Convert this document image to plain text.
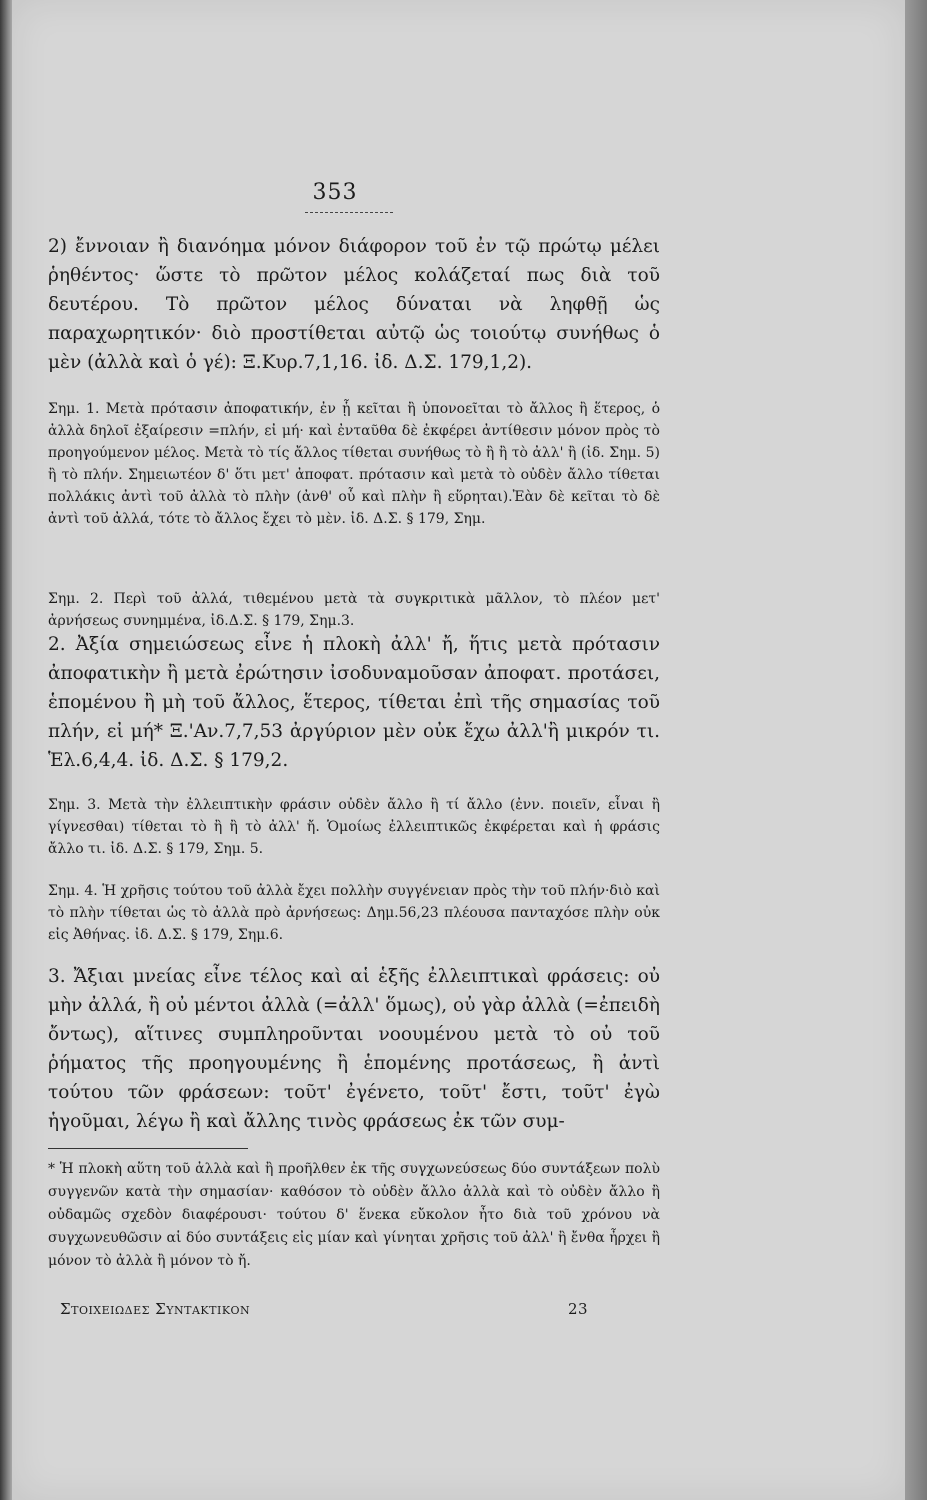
353
2) ἔννοιαν ἢ διανόημα μόνον διάφορον τοῦ ἐν τῷ πρώτῳ μέλει ῥηθέντος· ὥστε τὸ πρῶτον μέλος κολάζεταί πως διὰ τοῦ δευτέρου. Τὸ πρῶτον μέλος δύναται νὰ ληφθῇ ὡς παραχωρητικόν· διὸ προστίθεται αὐτῷ ὡς τοιούτῳ συνήθως ὁ μὲν (ἀλλὰ καὶ ὁ γέ): Ξ.Κυρ.7,1,16. ἰδ. Δ.Σ. 179,1,2).
Σημ. 1. Μετὰ πρότασιν ἀποφατικήν, ἐν ᾗ κεῖται ἢ ὑπονοεῖται τὸ ἄλλος ἢ ἕτερος, ὁ ἀλλὰ δηλοῖ ἐξαίρεσιν =πλήν, εἰ μή· καὶ ἐνταῦθα δὲ ἐκφέρει ἀντίθεσιν μόνον πρὸς τὸ προηγούμενον μέλος. Μετὰ τὸ τίς ἄλλος τίθεται συνήθως τὸ ἢ ἢ τὸ ἀλλ' ἢ (ἰδ. Σημ. 5) ἢ τὸ πλήν. Σημειωτέον δ' ὅτι μετ' ἀποφατ. πρότασιν καὶ μετὰ τὸ οὐδὲν ἄλλο τίθεται πολλάκις ἀντὶ τοῦ ἀλλὰ τὸ πλὴν (ἀνθ' οὗ καὶ πλὴν ἢ εὕρηται).Ἐὰν δὲ κεῖται τὸ δὲ ἀντὶ τοῦ ἀλλά, τότε τὸ ἄλλος ἔχει τὸ μὲν. ἰδ. Δ.Σ. § 179, Σημ.
Σημ. 2. Περὶ τοῦ ἀλλά, τιθεμένου μετὰ τὰ συγκριτικὰ μᾶλλον, τὸ πλέον μετ' ἀρνήσεως συνημμένα, ἰδ.Δ.Σ. § 179, Σημ.3.
2. Ἀξία σημειώσεως εἶνε ἡ πλοκὴ ἀλλ' ἤ, ἥτις μετὰ πρότασιν ἀποφατικὴν ἢ μετὰ ἐρώτησιν ἰσοδυναμοῦσαν ἀποφατ. προτάσει, ἑπομένου ἢ μὴ τοῦ ἄλλος, ἕτερος, τίθεται ἐπὶ τῆς σημασίας τοῦ πλήν, εἰ μή* Ξ.'Αν.7,7,53 ἀργύριον μὲν οὐκ ἔχω ἀλλ'ἢ μικρόν τι. Ἑλ.6,4,4. ἰδ. Δ.Σ. § 179,2.
Σημ. 3. Μετὰ τὴν ἐλλειπτικὴν φράσιν οὐδὲν ἄλλο ἢ τί ἄλλο (ἐνν. ποιεῖν, εἶναι ἢ γίγνεσθαι) τίθεται τὸ ἢ ἢ τὸ ἀλλ' ἤ. Ὁμοίως ἐλλειπτικῶς ἐκφέρεται καὶ ἡ φράσις ἄλλο τι. ἰδ. Δ.Σ. § 179, Σημ. 5.
Σημ. 4. Ἡ χρῆσις τούτου τοῦ ἀλλὰ ἔχει πολλὴν συγγένειαν πρὸς τὴν τοῦ πλήν·διὸ καὶ τὸ πλὴν τίθεται ὡς τὸ ἀλλὰ πρὸ ἀρνήσεως: Δημ.56,23 πλέουσα πανταχόσε πλὴν οὐκ εἰς Ἀθήνας. ἰδ. Δ.Σ. § 179, Σημ.6.
3. Ἄξιαι μνείας εἶνε τέλος καὶ αἱ ἑξῆς ἐλλειπτικαὶ φράσεις: οὐ μὴν ἀλλά, ἢ οὐ μέντοι ἀλλὰ (=ἀλλ' ὅμως), οὐ γὰρ ἀλλὰ (=ἐπειδὴ ὄντως), αἵτινες συμπληροῦνται νοουμένου μετὰ τὸ οὐ τοῦ ῥήματος τῆς προηγουμένης ἢ ἑπομένης προτάσεως, ἢ ἀντὶ τούτου τῶν φράσεων: τοῦτ' ἐγένετο, τοῦτ' ἔστι, τοῦτ' ἐγὼ ἡγοῦμαι, λέγω ἢ καὶ ἄλλης τινὸς φράσεως ἐκ τῶν συμ-
* Ἡ πλοκὴ αὕτη τοῦ ἀλλὰ καὶ ἢ προῆλθεν ἐκ τῆς συγχωνεύσεως δύο συντάξεων πολὺ συγγενῶν κατὰ τὴν σημασίαν· καθόσον τὸ οὐδὲν ἄλλο ἀλλὰ καὶ τὸ οὐδὲν ἄλλο ἢ οὐδαμῶς σχεδὸν διαφέρουσι· τούτου δ' ἕνεκα εὔκολον ἦτο διὰ τοῦ χρόνου νὰ συγχωνευθῶσιν αἱ δύο συντάξεις εἰς μίαν καὶ γίνηται χρῆσις τοῦ ἀλλ' ἢ ἔνθα ἦρχει ἢ μόνον τὸ ἀλλὰ ἢ μόνον τὸ ἤ.
Στοιχειωδες Συντακτικον	23
